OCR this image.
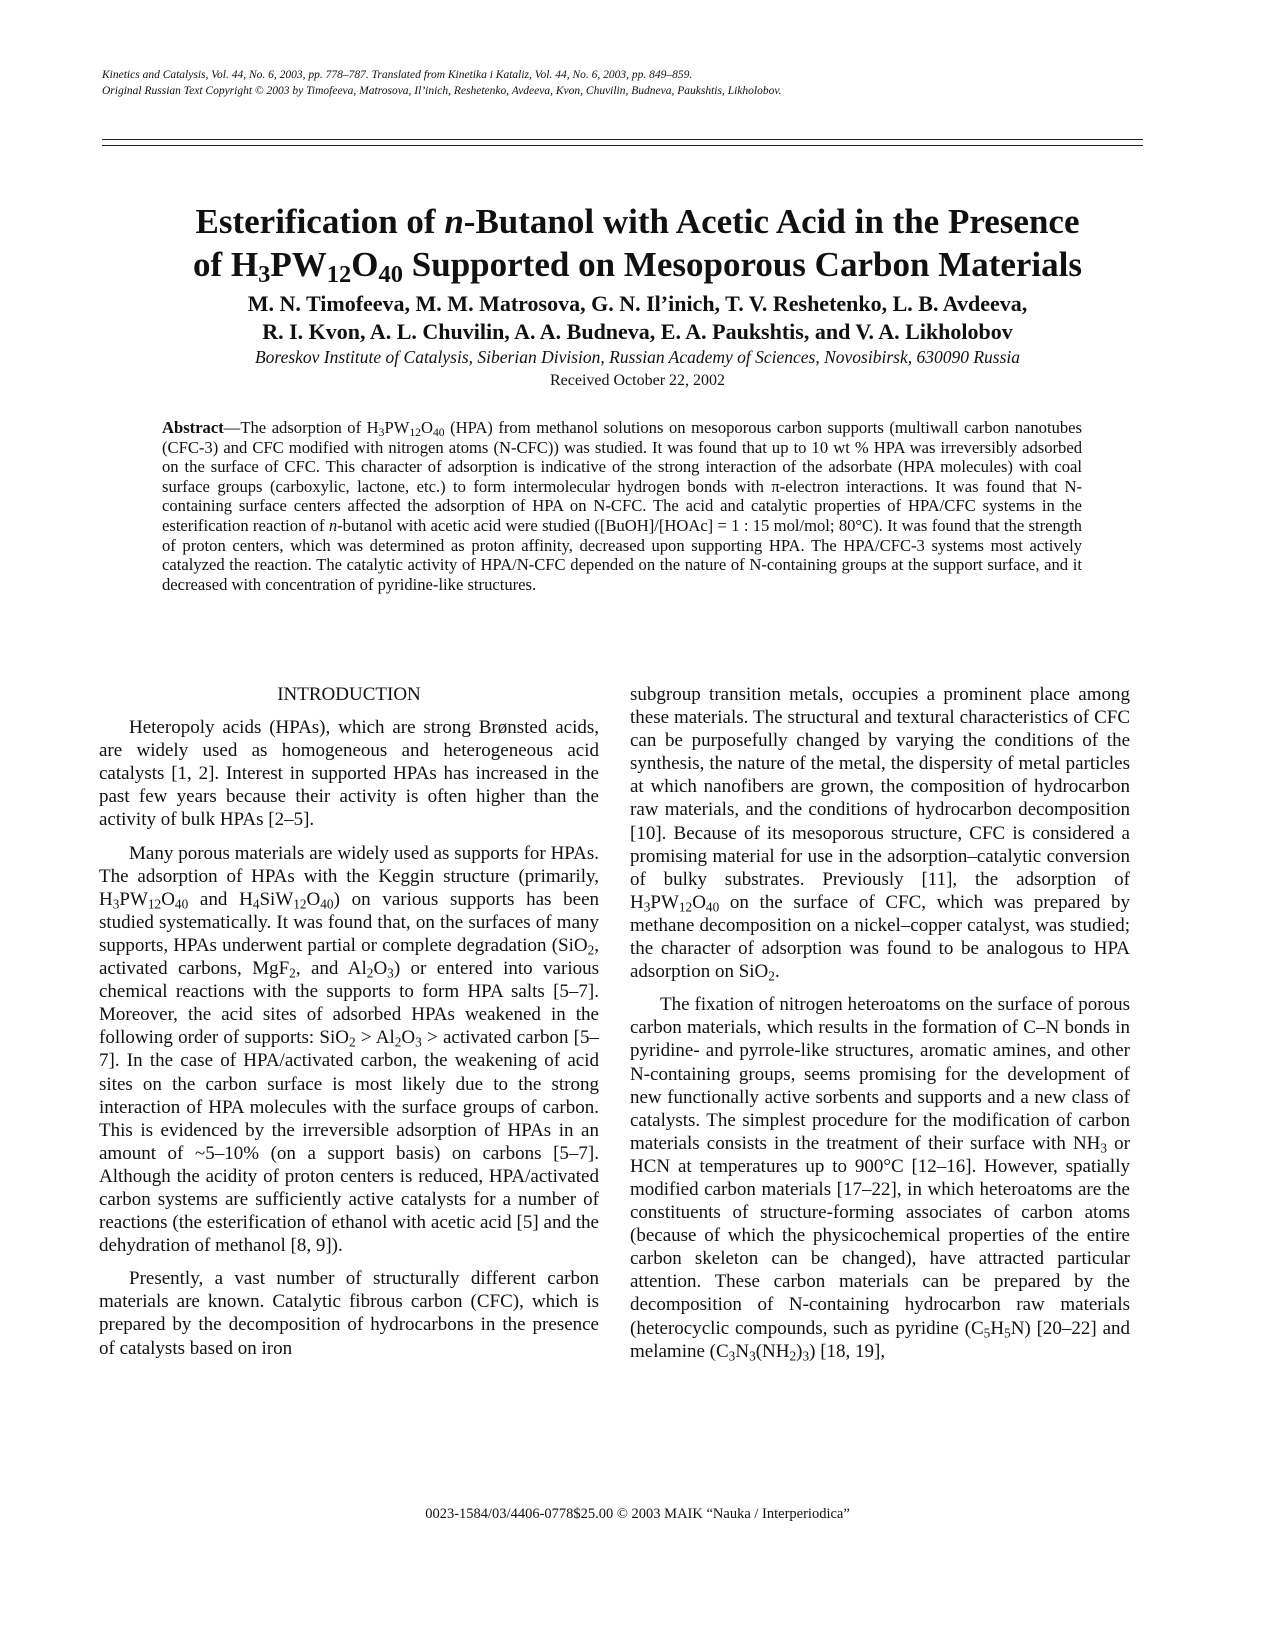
Kinetics and Catalysis, Vol. 44, No. 6, 2003, pp. 778–787. Translated from Kinetika i Kataliz, Vol. 44, No. 6, 2003, pp. 849–859.
Original Russian Text Copyright © 2003 by Timofeeva, Matrosova, Il’inich, Reshetenko, Avdeeva, Kvon, Chuvilin, Budneva, Paukshtis, Likholobov.
Esterification of n-Butanol with Acetic Acid in the Presence
of $H_3PW_{12}O_{40}$ Supported on Mesoporous Carbon Materials
M. N. Timofeeva, M. M. Matrosova, G. N. Il’inich, T. V. Reshetenko, L. B. Avdeeva,
R. I. Kvon, A. L. Chuvilin, A. A. Budneva, E. A. Paukshtis, and V. A. Likholobov
Boreskov Institute of Catalysis, Siberian Division, Russian Academy of Sciences, Novosibirsk, 630090 Russia
Received October 22, 2002
Abstract—The adsorption of $H_3PW_{12}O_{40}$ (HPA) from methanol solutions on mesoporous carbon supports (multiwall carbon nanotubes (CFC-3) and CFC modified with nitrogen atoms (N-CFC)) was studied. It was found that up to 10 wt % HPA was irreversibly adsorbed on the surface of CFC. This character of adsorption is indicative of the strong interaction of the adsorbate (HPA molecules) with coal surface groups (carboxylic, lactone, etc.) to form intermolecular hydrogen bonds with π-electron interactions. It was found that N-containing surface centers affected the adsorption of HPA on N-CFC. The acid and catalytic properties of HPA/CFC systems in the esterification reaction of n-butanol with acetic acid were studied ([BuOH]/[HOAc] = 1 : 15 mol/mol; 80°C). It was found that the strength of proton centers, which was determined as proton affinity, decreased upon supporting HPA. The HPA/CFC-3 systems most actively catalyzed the reaction. The catalytic activity of HPA/N-CFC depended on the nature of N-containing groups at the support surface, and it decreased with concentration of pyridine-like structures.

INTRODUCTION

Heteropoly acids (HPAs), which are strong Brønsted acids, are widely used as homogeneous and heterogeneous acid catalysts [1, 2]. Interest in supported HPAs has increased in the past few years because their activity is often higher than the activity of bulk HPAs [2–5].

Many porous materials are widely used as supports for HPAs. The adsorption of HPAs with the Keggin structure (primarily, $H_3PW_{12}O_{40}$ and $H_4SiW_{12}O_{40}$) on various supports has been studied systematically. It was found that, on the surfaces of many supports, HPAs underwent partial or complete degradation (SiO$_2$, activated carbons, MgF$_2$, and $Al_2O_3$) or entered into various chemical reactions with the supports to form HPA salts [5–7]. Moreover, the acid sites of adsorbed HPAs weakened in the following order of supports: $SiO_2 > Al_2O_3$ > activated carbon [5–7]. In the case of HPA/activated carbon, the weakening of acid sites on the carbon surface is most likely due to the strong interaction of HPA molecules with the surface groups of carbon. This is evidenced by the irreversible adsorption of HPAs in an amount of ~5–10% (on a support basis) on carbons [5–7]. Although the acidity of proton centers is reduced, HPA/activated carbon systems are sufficiently active catalysts for a number of reactions (the esterification of ethanol with acetic acid [5] and the dehydration of methanol [8, 9]).

Presently, a vast number of structurally different carbon materials are known. Catalytic fibrous carbon (CFC), which is prepared by the decomposition of hydrocarbons in the presence of catalysts based on iron

subgroup transition metals, occupies a prominent place among these materials. The structural and textural characteristics of CFC can be purposefully changed by varying the conditions of the synthesis, the nature of the metal, the dispersity of metal particles at which nanofibers are grown, the composition of hydrocarbon raw materials, and the conditions of hydrocarbon decomposition [10]. Because of its mesoporous structure, CFC is considered a promising material for use in the adsorption–catalytic conversion of bulky substrates. Previously [11], the adsorption of $H_3PW_{12}O_{40}$ on the surface of CFC, which was prepared by methane decomposition on a nickel–copper catalyst, was studied; the character of adsorption was found to be analogous to HPA adsorption on SiO$_2$.

The fixation of nitrogen heteroatoms on the surface of porous carbon materials, which results in the formation of C–N bonds in pyridine- and pyrrole-like structures, aromatic amines, and other N-containing groups, seems promising for the development of new functionally active sorbents and supports and a new class of catalysts. The simplest procedure for the modification of carbon materials consists in the treatment of their surface with $NH_3$ or HCN at temperatures up to 900°C [12–16]. However, spatially modified carbon materials [17–22], in which heteroatoms are the constituents of structure-forming associates of carbon atoms (because of which the physicochemical properties of the entire carbon skeleton can be changed), have attracted particular attention. These carbon materials can be prepared by the decomposition of N-containing hydrocarbon raw materials (heterocyclic compounds, such as pyridine $(C_5H_5N)$ [20–22] and melamine $(C_3N_3(NH_2)_3)$ [18, 19],

0023-1584/03/4406-0778$25.00 © 2003 MAIK “Nauka / Interperiodica”
